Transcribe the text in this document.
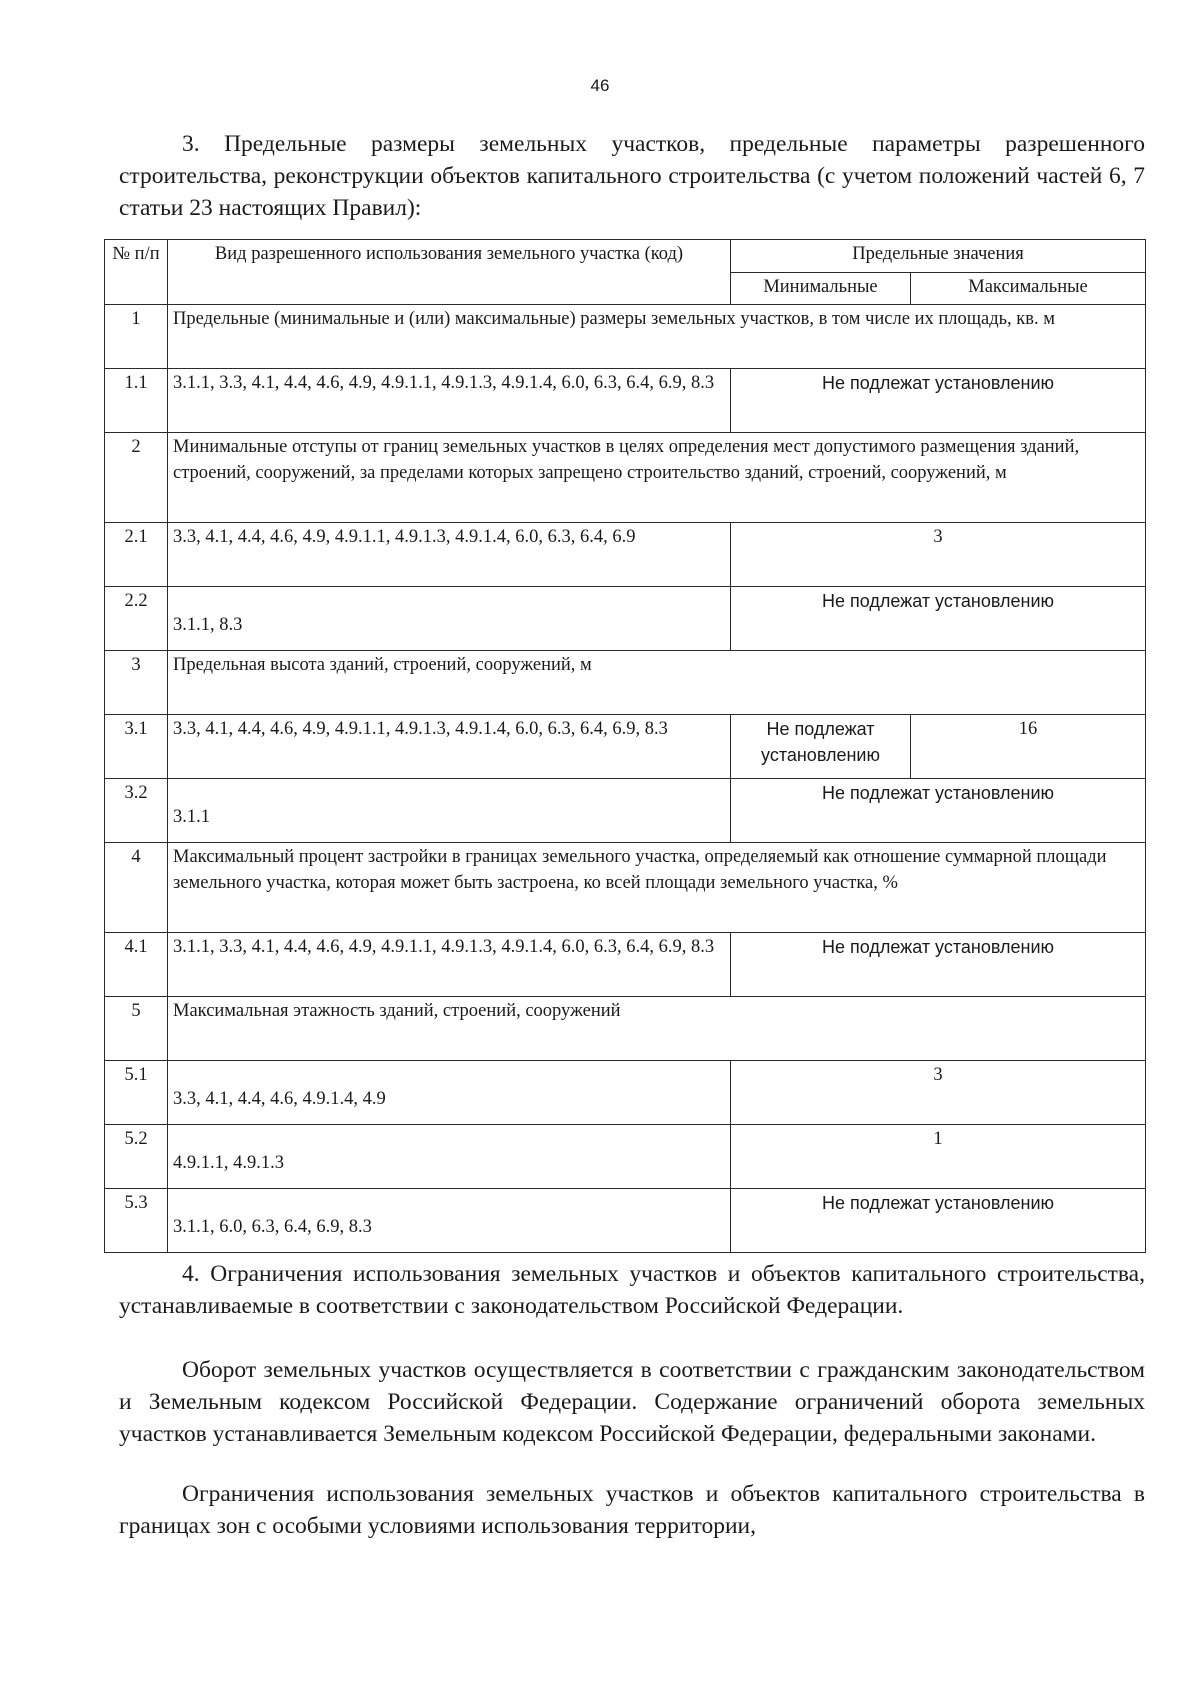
46

3. Предельные размеры земельных участков, предельные параметры разрешенного строительства, реконструкции объектов капитального строительства (с учетом положений частей 6, 7 статьи 23 настоящих Правил):

№ п/п	Вид разрешенного использования земельного участка (код)	Предельные значения	
		Минимальные	Максимальные
1	Предельные (минимальные и (или) максимальные) размеры земельных участков, в том числе их площадь, кв. м		
1.1	3.1.1, 3.3, 4.1, 4.4, 4.6, 4.9, 4.9.1.1, 4.9.1.3, 4.9.1.4, 6.0, 6.3, 6.4, 6.9, 8.3	Не подлежат установлению	
2	Минимальные отступы от границ земельных участков в целях определения мест допустимого размещения зданий, строений, сооружений, за пределами которых запрещено строительство зданий, строений, сооружений, м		
2.1	3.3, 4.1, 4.4, 4.6, 4.9, 4.9.1.1, 4.9.1.3, 4.9.1.4, 6.0, 6.3, 6.4, 6.9	3	
2.2	3.1.1, 8.3	Не подлежат установлению	
3	Предельная высота зданий, строений, сооружений, м		
3.1	3.3, 4.1, 4.4, 4.6, 4.9, 4.9.1.1, 4.9.1.3, 4.9.1.4, 6.0, 6.3, 6.4, 6.9, 8.3	Не подлежат установлению	16
3.2	3.1.1	Не подлежат установлению	
4	Максимальный процент застройки в границах земельного участка, определяемый как отношение суммарной площади земельного участка, которая может быть застроена, ко всей площади земельного участка, %		
4.1	3.1.1, 3.3, 4.1, 4.4, 4.6, 4.9, 4.9.1.1, 4.9.1.3, 4.9.1.4, 6.0, 6.3, 6.4, 6.9, 8.3	Не подлежат установлению	
5	Максимальная этажность зданий, строений, сооружений		
5.1	3.3, 4.1, 4.4, 4.6, 4.9.1.4, 4.9	3	
5.2	4.9.1.1, 4.9.1.3	1	
5.3	3.1.1, 6.0, 6.3, 6.4, 6.9, 8.3	Не подлежат установлению	

4. Ограничения использования земельных участков и объектов капитального строительства, устанавливаемые в соответствии с законодательством Российской Федерации.

Оборот земельных участков осуществляется в соответствии с гражданским законодательством и Земельным кодексом Российской Федерации. Содержание ограничений оборота земельных участков устанавливается Земельным кодексом Российской Федерации, федеральными законами.

Ограничения использования земельных участков и объектов капитального строительства в границах зон с особыми условиями использования территории,
